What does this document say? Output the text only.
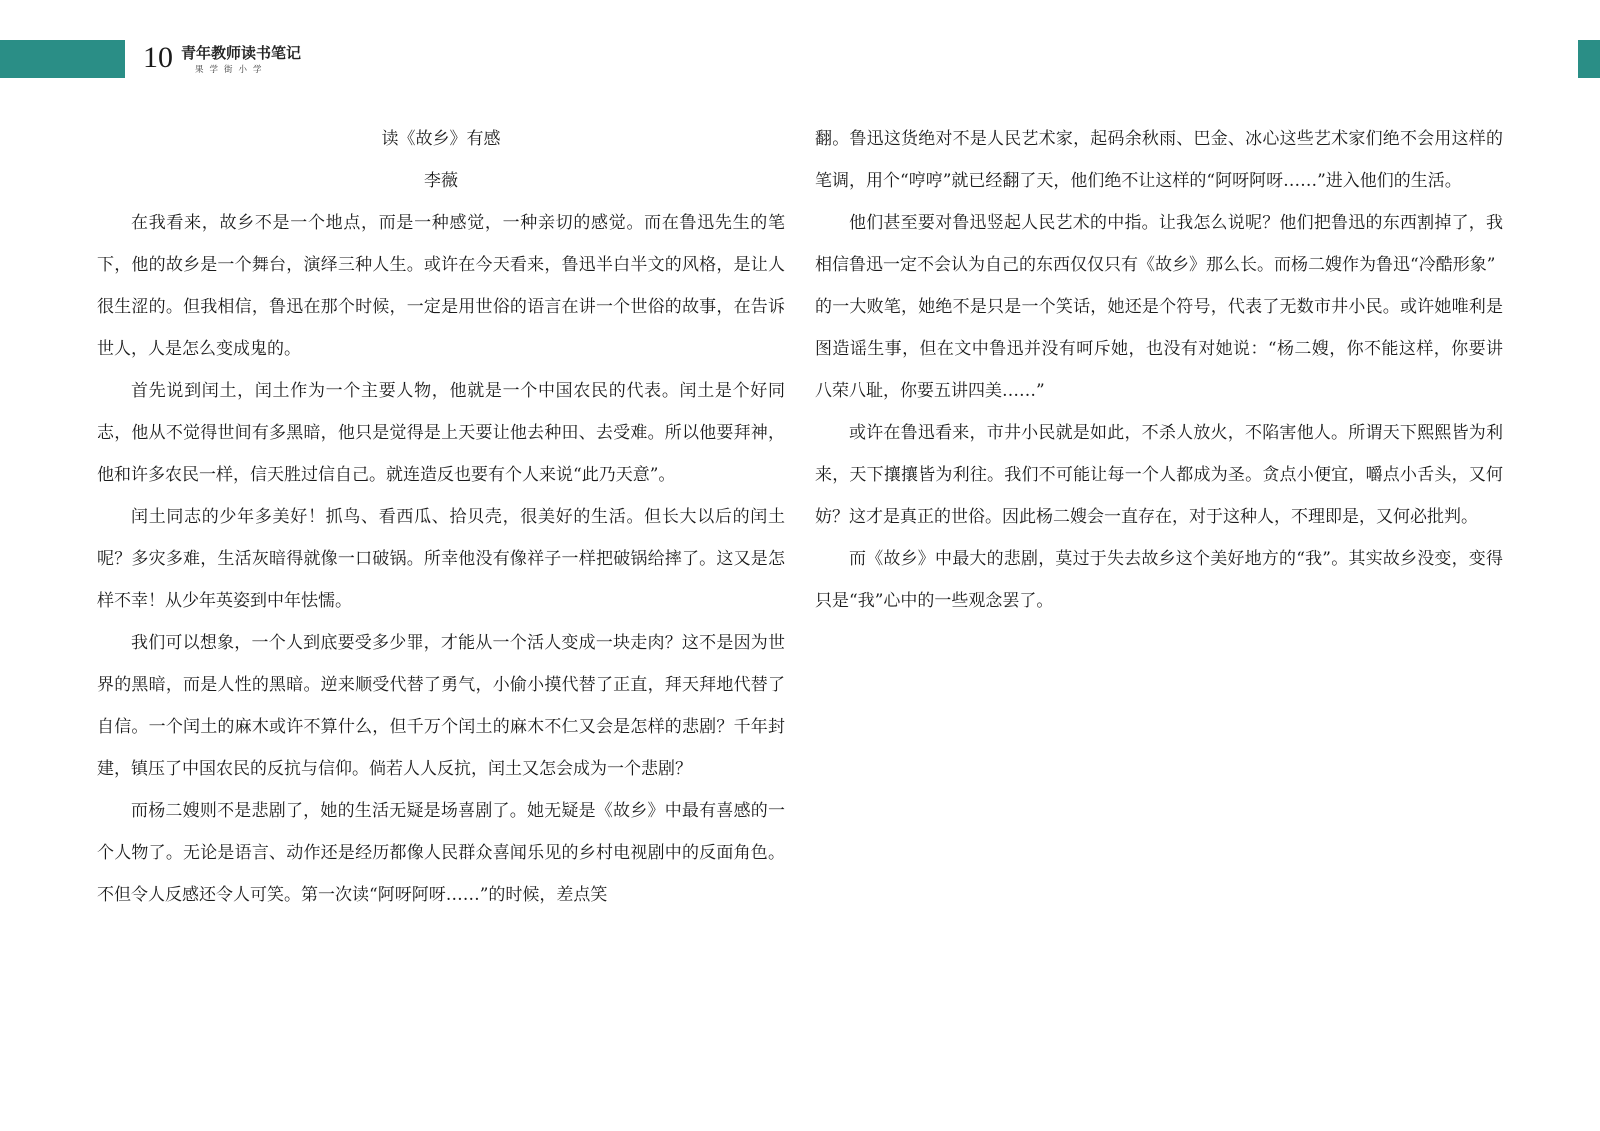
10 青年教师读书笔记
果学街小学

读《故乡》有感

李薇

在我看来，故乡不是一个地点，而是一种感觉，一种亲切的感觉。而在鲁迅先生的笔下，他的故乡是一个舞台，演绎三种人生。或许在今天看来，鲁迅半白半文的风格，是让人很生涩的。但我相信，鲁迅在那个时候，一定是用世俗的语言在讲一个世俗的故事，在告诉世人，人是怎么变成鬼的。

首先说到闰土，闰土作为一个主要人物，他就是一个中国农民的代表。闰土是个好同志，他从不觉得世间有多黑暗，他只是觉得是上天要让他去种田、去受难。所以他要拜神，他和许多农民一样，信天胜过信自己。就连造反也要有个人来说“此乃天意”。

闰土同志的少年多美好！抓鸟、看西瓜、拾贝壳，很美好的生活。但长大以后的闰土呢？多灾多难，生活灰暗得就像一口破锅。所幸他没有像祥子一样把破锅给摔了。这又是怎样不幸！从少年英姿到中年怯懦。

我们可以想象，一个人到底要受多少罪，才能从一个活人变成一块走肉？这不是因为世界的黑暗，而是人性的黑暗。逆来顺受代替了勇气，小偷小摸代替了正直，拜天拜地代替了自信。一个闰土的麻木或许不算什么，但千万个闰土的麻木不仁又会是怎样的悲剧？千年封建，镇压了中国农民的反抗与信仰。倘若人人反抗，闰土又怎会成为一个悲剧？

而杨二嫂则不是悲剧了，她的生活无疑是场喜剧了。她无疑是《故乡》中最有喜感的一个人物了。无论是语言、动作还是经历都像人民群众喜闻乐见的乡村电视剧中的反面角色。不但令人反感还令人可笑。第一次读“阿呀阿呀……”的时候，差点笑

翻。鲁迅这货绝对不是人民艺术家，起码余秋雨、巴金、冰心这些艺术家们绝不会用这样的笔调，用个“哼哼”就已经翻了天，他们绝不让这样的“阿呀阿呀……”进入他们的生活。

他们甚至要对鲁迅竖起人民艺术的中指。让我怎么说呢？他们把鲁迅的东西割掉了，我相信鲁迅一定不会认为自己的东西仅仅只有《故乡》那么长。而杨二嫂作为鲁迅“冷酷形象”

的一大败笔，她绝不是只是一个笑话，她还是个符号，代表了无数市井小民。或许她唯利是图造谣生事，但在文中鲁迅并没有呵斥她，也没有对她说：“杨二嫂，你不能这样，你要讲八荣八耻，你要五讲四美……”

或许在鲁迅看来，市井小民就是如此，不杀人放火，不陷害他人。所谓天下熙熙皆为利来，天下攘攘皆为利往。我们不可能让每一个人都成为圣。贪点小便宜，嚼点小舌头，又何妨？这才是真正的世俗。因此杨二嫂会一直存在，对于这种人，不理即是，又何必批判。

而《故乡》中最大的悲剧，莫过于失去故乡这个美好地方的“我”。其实故乡没变，变得只是“我”心中的一些观念罢了。
